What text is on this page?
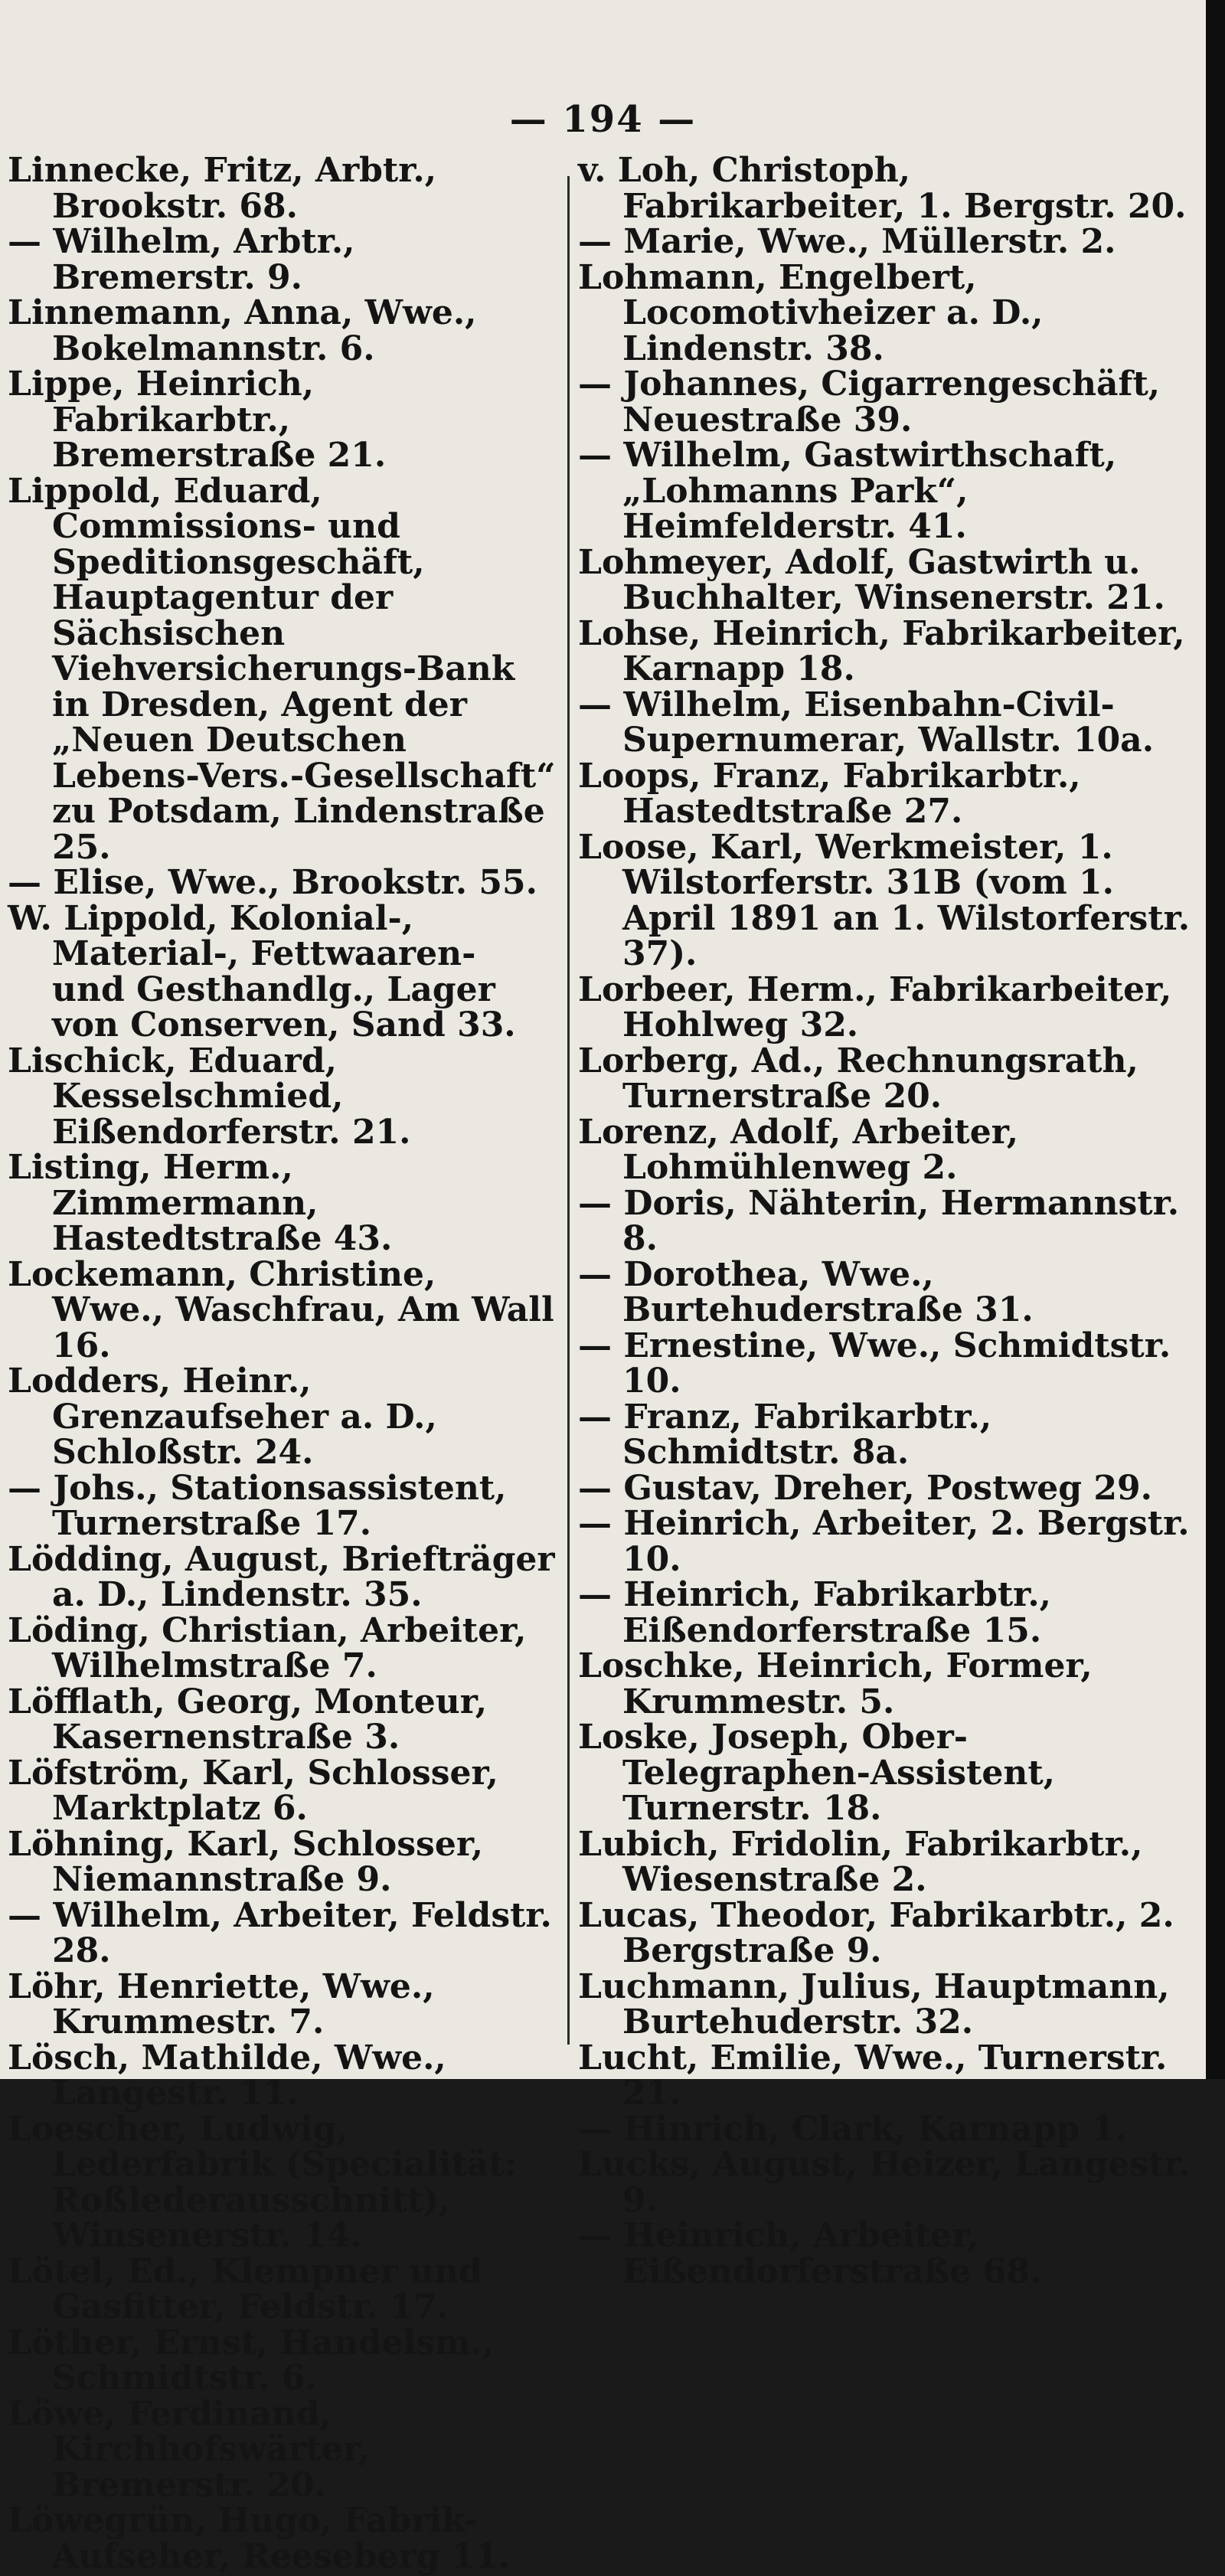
— 194 —

Linnecke, Fritz, Arbtr., Brookstr. 68.

— Wilhelm, Arbtr., Bremerstr. 9.

Linnemann, Anna, Wwe., Bokelmannstr. 6.

Lippe, Heinrich, Fabrikarbtr., Bremerstraße 21.

Lippold, Eduard, Commissions- und Speditionsgeschäft, Hauptagentur der Sächsischen Viehversicherungs-Bank in Dresden, Agent der „Neuen Deutschen Lebens-Vers.-Gesellschaft“ zu Potsdam, Lindenstraße 25.

— Elise, Wwe., Brookstr. 55.

W. Lippold, Kolonial-, Material-, Fettwaaren- und Gesthandlg., Lager von Conserven, Sand 33.

Lischick, Eduard, Kesselschmied, Eißendorferstr. 21.

Listing, Herm., Zimmermann, Hastedtstraße 43.

Lockemann, Christine, Wwe., Waschfrau, Am Wall 16.

Lodders, Heinr., Grenzaufseher a. D., Schloßstr. 24.

— Johs., Stationsassistent, Turnerstraße 17.

Lödding, August, Briefträger a. D., Lindenstr. 35.

Löding, Christian, Arbeiter, Wilhelmstraße 7.

Löfflath, Georg, Monteur, Kasernenstraße 3.

Löfström, Karl, Schlosser, Marktplatz 6.

Löhning, Karl, Schlosser, Niemannstraße 9.

— Wilhelm, Arbeiter, Feldstr. 28.

Löhr, Henriette, Wwe., Krummestr. 7.

Lösch, Mathilde, Wwe., Langestr. 11.

Loescher, Ludwig, Lederfabrik (Specialität: Roßlederausschnitt), Winsenerstr. 14.

Lötel, Ed., Klempner und Gasfitter, Feldstr. 17.

Löther, Ernst, Handelsm., Schmidtstr. 6.

Löwe, Ferdinand, Kirchhofswärter, Bremerstr. 20.

Löwegrün, Hugo, Fabrik-Aufseher, Reeseberg 11.

v. Loh, Christoph, Fabrikarbeiter, 1. Bergstr. 20.

— Marie, Wwe., Müllerstr. 2.

Lohmann, Engelbert, Locomotivheizer a. D., Lindenstr. 38.

— Johannes, Cigarrengeschäft, Neuestraße 39.

— Wilhelm, Gastwirthschaft, „Lohmanns Park“, Heimfelderstr. 41.

Lohmeyer, Adolf, Gastwirth u. Buchhalter, Winsenerstr. 21.

Lohse, Heinrich, Fabrikarbeiter, Karnapp 18.

— Wilhelm, Eisenbahn-Civil-Supernumerar, Wallstr. 10a.

Loops, Franz, Fabrikarbtr., Hastedtstraße 27.

Loose, Karl, Werkmeister, 1. Wilstorferstr. 31B (vom 1. April 1891 an 1. Wilstorferstr. 37).

Lorbeer, Herm., Fabrikarbeiter, Hohlweg 32.

Lorberg, Ad., Rechnungsrath, Turnerstraße 20.

Lorenz, Adolf, Arbeiter, Lohmühlenweg 2.

— Doris, Nähterin, Hermannstr. 8.

— Dorothea, Wwe., Burtehuderstraße 31.

— Ernestine, Wwe., Schmidtstr. 10.

— Franz, Fabrikarbtr., Schmidtstr. 8a.

— Gustav, Dreher, Postweg 29.

— Heinrich, Arbeiter, 2. Bergstr. 10.

— Heinrich, Fabrikarbtr., Eißendorferstraße 15.

Loschke, Heinrich, Former, Krummestr. 5.

Loske, Joseph, Ober-Telegraphen-Assistent, Turnerstr. 18.

Lubich, Fridolin, Fabrikarbtr., Wiesenstraße 2.

Lucas, Theodor, Fabrikarbtr., 2. Bergstraße 9.

Luchmann, Julius, Hauptmann, Burtehuderstr. 32.

Lucht, Emilie, Wwe., Turnerstr. 21.

— Hinrich, Clark, Karnapp 1.

Lucks, August, Heizer, Langestr. 9.

— Heinrich, Arbeiter, Eißendorferstraße 68.
